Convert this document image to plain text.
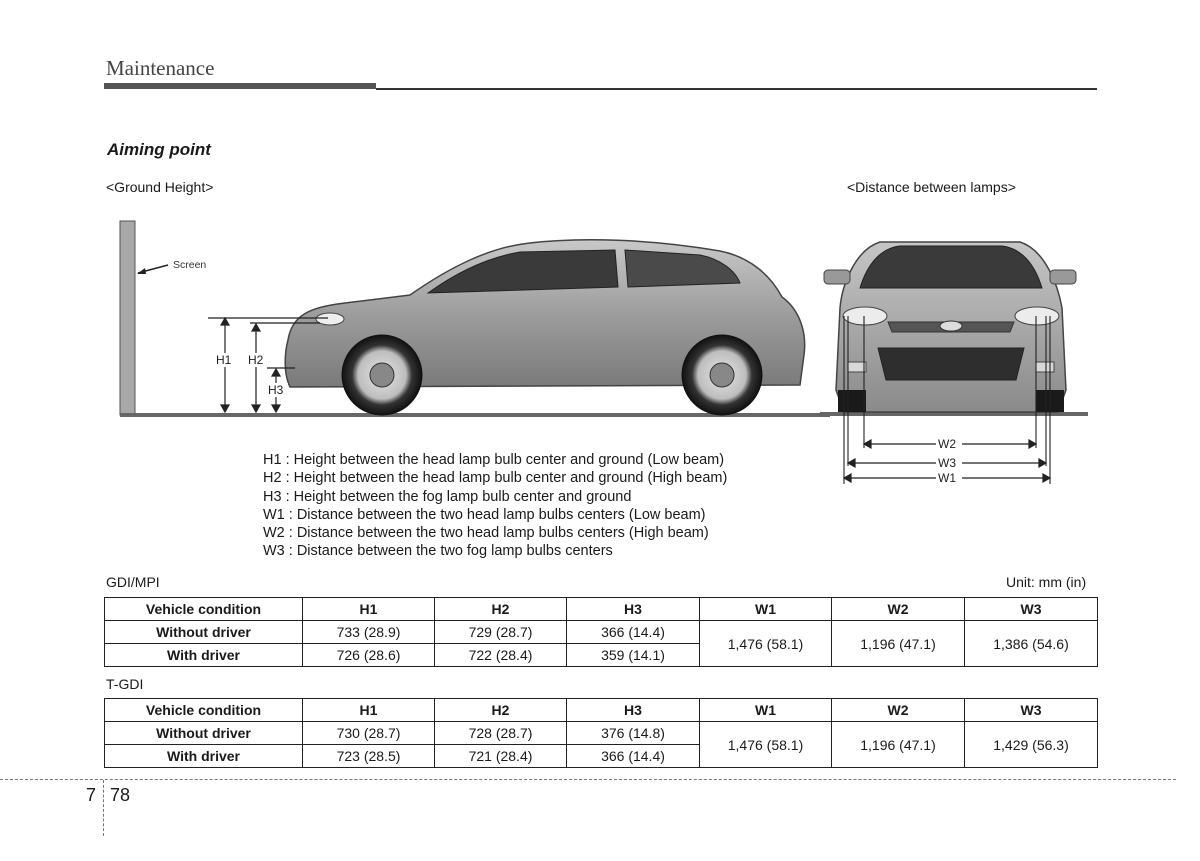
Maintenance
Aiming point
<Ground Height>	<Distance between lamps>
Screen
H1 H2
H3
W2
W3
W1
H1 : Height between the head lamp bulb center and ground (Low beam)
H2 : Height between the head lamp bulb center and ground (High beam)
H3 : Height between the fog lamp bulb center and ground
W1 : Distance between the two head lamp bulbs centers (Low beam)
W2 : Distance between the two head lamp bulbs centers (High beam)
W3 : Distance between the two fog lamp bulbs centers
GDI/MPI	Unit: mm (in)
Vehicle condition	H1	H2	H3	W1	W2	W3
Without driver	733 (28.9)	729 (28.7)	366 (14.4)	1,476 (58.1)	1,196 (47.1)	1,386 (54.6)
With driver	726 (28.6)	722 (28.4)	359 (14.1)			
T-GDI
Vehicle condition	H1	H2	H3	W1	W2	W3
Without driver	730 (28.7)	728 (28.7)	376 (14.8)	1,476 (58.1)	1,196 (47.1)	1,429 (56.3)
With driver	723 (28.5)	721 (28.4)	366 (14.4)			
7 78
